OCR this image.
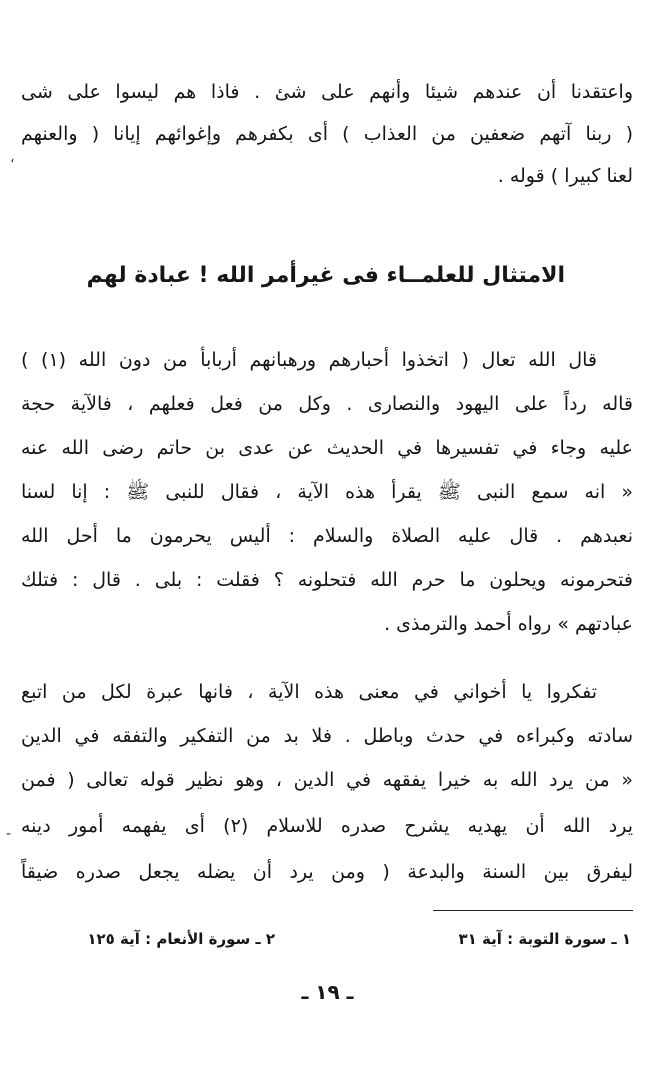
واعتقدنا أن عندهم شيئا وأنهم على شئ . فاذا هم ليسوا على شى
( ربنا آتهم ضعفين من العذاب ) أى بكفرهم وإغوائهم إيانا ( والعنهم
لعنا كبيرا ) قوله .
الامتثال للعلمــاء فى غيرأمر الله ! عبادة لهم
قال الله تعال ( اتخذوا أحبارهم ورهبانهم أربابأ من دون الله (١) )
قاله رداً على اليهود والنصارى . وكل من فعل فعلهم ، فالآية حجة
عليه وجاء في تفسيرها في الحديث عن عدى بن حاتم رضى الله عنه
« انه سمع النبى ﷺ يقرأ هذه الآية ، فقال للنبى ﷺ : إنا لسنا
نعبدهم . قال عليه الصلاة والسلام : أليس يحرمون ما أحل الله
فتحرمونه ويحلون ما حرم الله فتحلونه ؟ فقلت : بلى . قال : فتلك
عبادتهم » رواه أحمد والترمذى .
تفكروا يا أخواني في معنى هذه الآية ، فانها عبرة لكل من اتبع
سادته وكبراءه في حدث وباطل . فلا بد من التفكير والتفقه في الدين
« من يرد الله به خيرا يفقهه في الدين ، وهو نظير قوله تعالى ( فمن
يرد الله أن يهديه يشرح صدره للاسلام (٢) أى يفهمه أمور دينه
ليفرق بين السنة والبدعة ( ومن يرد أن يضله يجعل صدره ضيقاً
،
-
١ ـ سورة التوبة : آية ٣١
٢ ـ سورة الأنعام : آية ١٢٥
ـ ١٩ ـ
